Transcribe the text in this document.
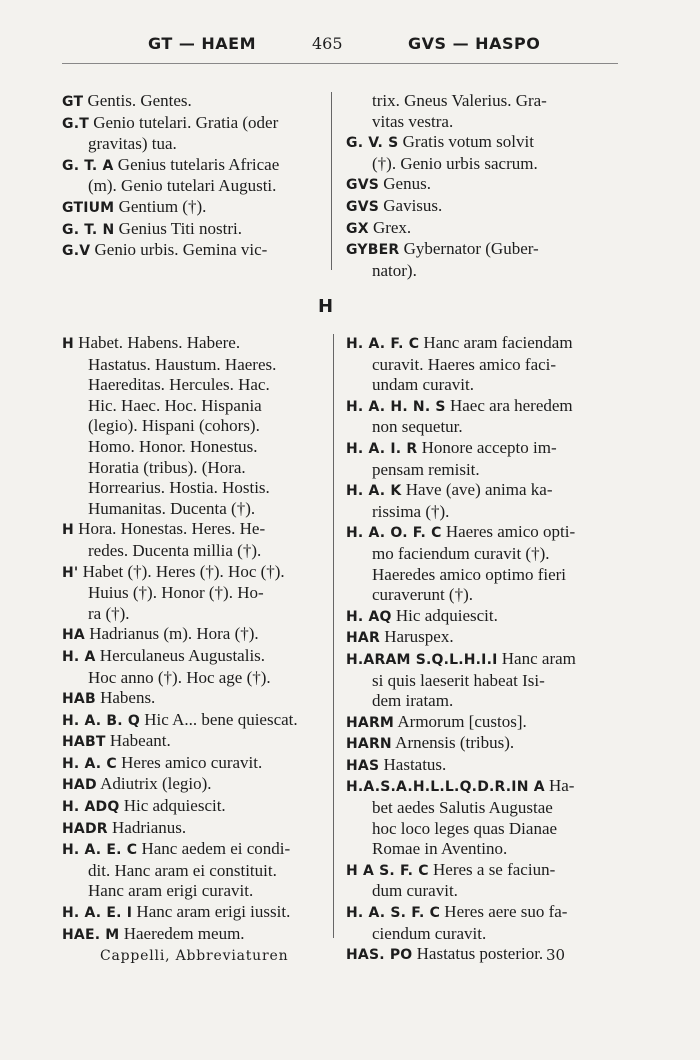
GT — HAEM	465	GVS — HASPO
GT Gentis. Gentes.
G.T Genio tutelari. Gratia (oder
gravitas) tua.
G. T. A Genius tutelaris Africae
(m). Genio tutelari Augusti.
GTIUM Gentium (†).
G. T. N Genius Titi nostri.
G.V Genio urbis. Gemina vic-
trix. Gneus Valerius. Gra-
vitas vestra.
G. V. S Gratis votum solvit
(†). Genio urbis sacrum.
GVS Genus.
GVS Gavisus.
GX Grex.
GYBER Gybernator (Guber-
nator).
H
H Habet. Habens. Habere.
Hastatus. Haustum. Haeres.
Haereditas. Hercules. Hac.
Hic. Haec. Hoc. Hispania
(legio). Hispani (cohors).
Homo. Honor. Honestus.
Horatia (tribus). (Hora.
Horrearius. Hostia. Hostis.
Humanitas. Ducenta (†).
H Hora. Honestas. Heres. He-
redes. Ducenta millia (†).
H' Habet (†). Heres (†). Hoc (†).
Huius (†). Honor (†). Ho-
ra (†).
HA Hadrianus (m). Hora (†).
H. A Herculaneus Augustalis.
Hoc anno (†). Hoc age (†).
HAB Habens.
H. A. B. Q Hic A... bene quiescat.
HABT Habeant.
H. A. C Heres amico curavit.
HAD Adiutrix (legio).
H. ADQ Hic adquiescit.
HADR Hadrianus.
H. A. E. C Hanc aedem ei condi-
dit. Hanc aram ei constituit.
Hanc aram erigi curavit.
H. A. E. I Hanc aram erigi iussit.
HAE. M Haeredem meum.
H. A. F. C Hanc aram faciendam
curavit. Haeres amico faci-
undam curavit.
H. A. H. N. S Haec ara heredem
non sequetur.
H. A. I. R Honore accepto im-
pensam remisit.
H. A. K Have (ave) anima ka-
rissima (†).
H. A. O. F. C Haeres amico opti-
mo faciendum curavit (†).
Haeredes amico optimo fieri
curaverunt (†).
H. AQ Hic adquiescit.
HAR Haruspex.
H.ARAM S.Q.L.H.I.I Hanc aram
si quis laeserit habeat Isi-
dem iratam.
HARM Armorum [custos].
HARN Arnensis (tribus).
HAS Hastatus.
H.A.S.A.H.L.L.Q.D.R.IN A Ha-
bet aedes Salutis Augustae
hoc loco leges quas Dianae
Romae in Aventino.
H A S. F. C Heres a se faciun-
dum curavit.
H. A. S. F. C Heres aere suo fa-
ciendum curavit.
HAS. PO Hastatus posterior.
Cappelli, Abbreviaturen	30
